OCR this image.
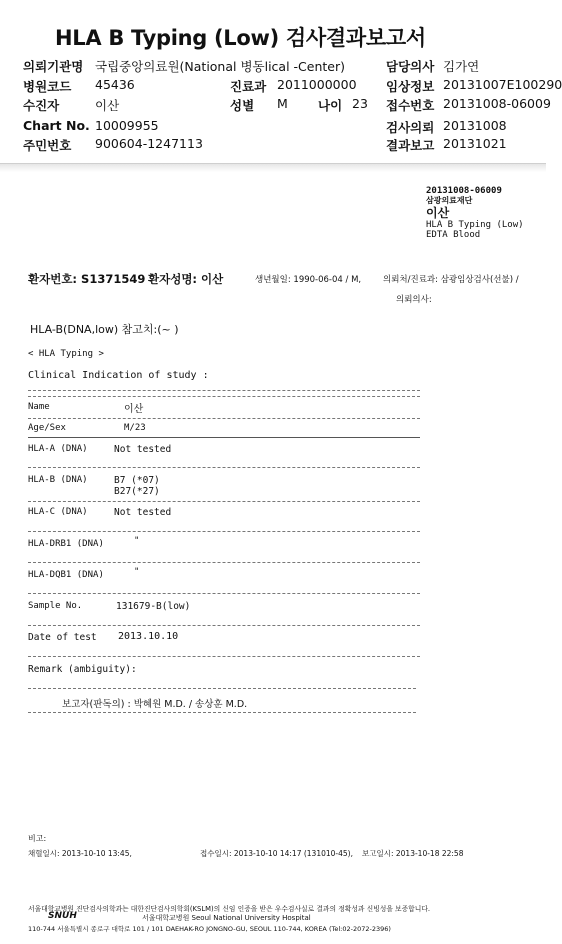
HLA B Typing (Low) 검사결과보고서
의뢰기관명 국립중앙의료원(National 병동lical -Center)	담당의사 김가연
병원코드 45436	진료과 2011000000 임상정보 20131007E100290
수진자	이산	성별 M 나이 23 접수번호 20131008-06009
Chart No. 10009955	검사의뢰 20131008
주민번호 900604-1247113	결과보고 20131021
20131008-06009
삼광의료재단
이산
HLA B Typing (Low)
EDTA Blood
환자번호: S1371549 환자성명: 이산	생년월일: 1990-06-04 / M,	의뢰처/진료과: 삼광임상검사(선불) /
의뢰의사:
HLA-B(DNA,low) 참고치:(~ )
< HLA Typing >
Clinical Indication of study :
Name	이산
Age/Sex	M/23
HLA-A (DNA)	Not tested
HLA-B (DNA)	B7 (*07)
B27(*27)
HLA-C (DNA)	Not tested
HLA-DRB1 (DNA)	"
HLA-DQB1 (DNA)	"
Sample No.	131679-B(low)
Date of test 2013.10.10
Remark (ambiguity):
보고자(판독의) : 박혜원 M.D. / 송상훈 M.D.
비고:
채혈일시: 2013-10-10 13:45,	접수일시: 2013-10-10 14:17 (131010-45), 보고일시: 2013-10-18 22:58
서울대학교병원 진단검사의학과는 대한진단검사의학회(KSLM)의 신임 인증을 받은 우수검사실로 결과의 정확성과 신빙성을 보증합니다.
SNUH	서울대학교병원 Seoul National University Hospital
110-744 서울특별시 종로구 대학로 101 / 101 DAEHAK-RO JONGNO-GU, SEOUL 110-744, KOREA (Tel:02-2072-2396)
